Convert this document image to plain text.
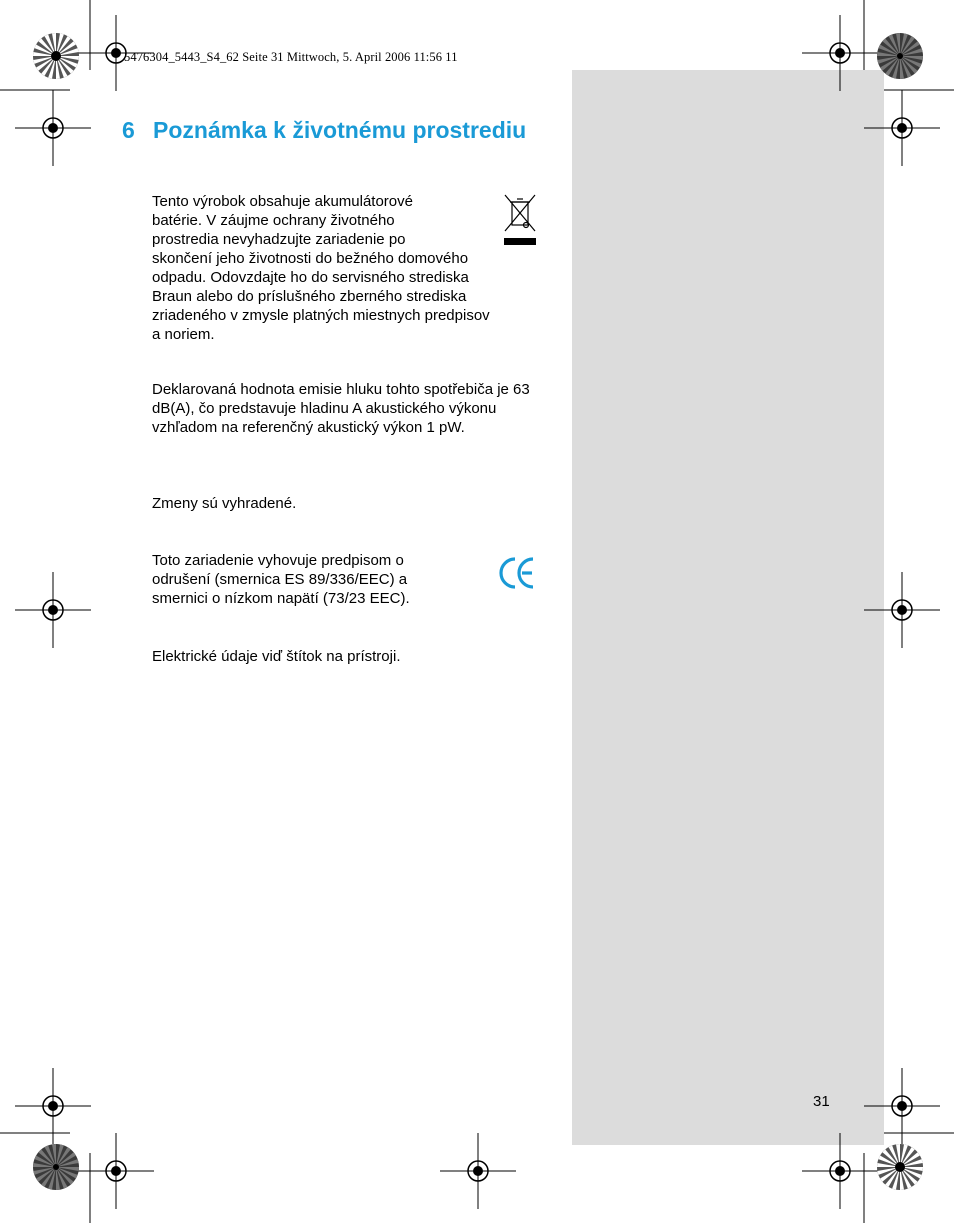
5476304_5443_S4_62 Seite 31 Mittwoch, 5. April 2006 11:56 11
6 Poznámka k životnému prostrediu
Tento výrobok obsahuje akumulátorové
batérie. V záujme ochrany životného
prostredia nevyhadzujte zariadenie po
skončení jeho životnosti do bežného domového
odpadu. Odovzdajte ho do servisného strediska
Braun alebo do príslušného zberného strediska
zriadeného v zmysle platných miestnych predpisov
a noriem.
Deklarovaná hodnota emisie hluku tohto spotřebiča je 63 dB(A), čo predstavuje hladinu A akustického výkonu vzhľadom na referenčný akustický výkon 1 pW.
Zmeny sú vyhradené.
Toto zariadenie vyhovuje predpisom o odrušení (smernica ES 89/336/EEC) a smernici o nízkom napätí (73/23 EEC).
Elektrické údaje viď štítok na prístroji.
31
